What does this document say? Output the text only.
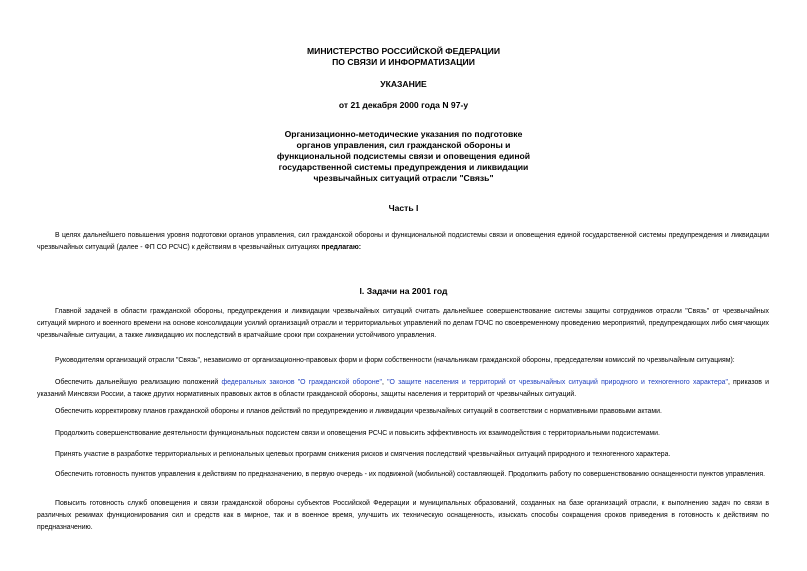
МИНИСТЕРСТВО РОССИЙСКОЙ ФЕДЕРАЦИИ
ПО СВЯЗИ И ИНФОРМАТИЗАЦИИ
УКАЗАНИЕ
от 21 декабря 2000 года N 97-у
Организационно-методические указания по подготовке
органов управления, сил гражданской обороны и
функциональной подсистемы связи и оповещения единой
государственной системы предупреждения и ликвидации
чрезвычайных ситуаций отрасли "Связь"
Часть I
В целях дальнейшего повышения уровня подготовки органов управления, сил гражданской обороны и функциональной подсистемы связи и оповещения единой государственной системы предупреждения и ликвидации чрезвычайных ситуаций (далее - ФП СО РСЧС) к действиям в чрезвычайных ситуациях предлагаю:
I. Задачи на 2001 год
Главной задачей в области гражданской обороны, предупреждения и ликвидации чрезвычайных ситуаций считать дальнейшее совершенствование системы защиты сотрудников отрасли "Связь" от чрезвычайных ситуаций мирного и военного времени на основе консолидации усилий организаций отрасли и территориальных управлений по делам ГОЧС по своевременному проведению мероприятий, предупреждающих либо смягчающих чрезвычайные ситуации, а также ликвидацию их последствий в кратчайшие сроки при сохранении устойчивого управления.
Руководителям организаций отрасли "Связь", независимо от организационно-правовых форм и форм собственности (начальникам гражданской обороны, председателям комиссий по чрезвычайным ситуациям):
Обеспечить дальнейшую реализацию положений федеральных законов "О гражданской обороне", "О защите населения и территорий от чрезвычайных ситуаций природного и техногенного характера", приказов и указаний Минсвязи России, а также других нормативных правовых актов в области гражданской обороны, защиты населения и территорий от чрезвычайных ситуаций.
Обеспечить корректировку планов гражданской обороны и планов действий по предупреждению и ликвидации чрезвычайных ситуаций в соответствии с нормативными правовыми актами.
Продолжить совершенствование деятельности функциональных подсистем связи и оповещения РСЧС и повысить эффективность их взаимодействия с территориальными подсистемами.
Принять участие в разработке территориальных и региональных целевых программ снижения рисков и смягчения последствий чрезвычайных ситуаций природного и техногенного характера.
Обеспечить готовность пунктов управления к действиям по предназначению, в первую очередь - их подвижной (мобильной) составляющей. Продолжить работу по совершенствованию оснащенности пунктов управления.
Повысить готовность служб оповещения и связи гражданской обороны субъектов Российской Федерации и муниципальных образований, созданных на базе организаций отрасли, к выполнению задач по связи в различных режимах функционирования сил и средств как в мирное, так и в военное время, улучшить их техническую оснащенность, изыскать способы сокращения сроков приведения в готовность к действиям по предназначению.
